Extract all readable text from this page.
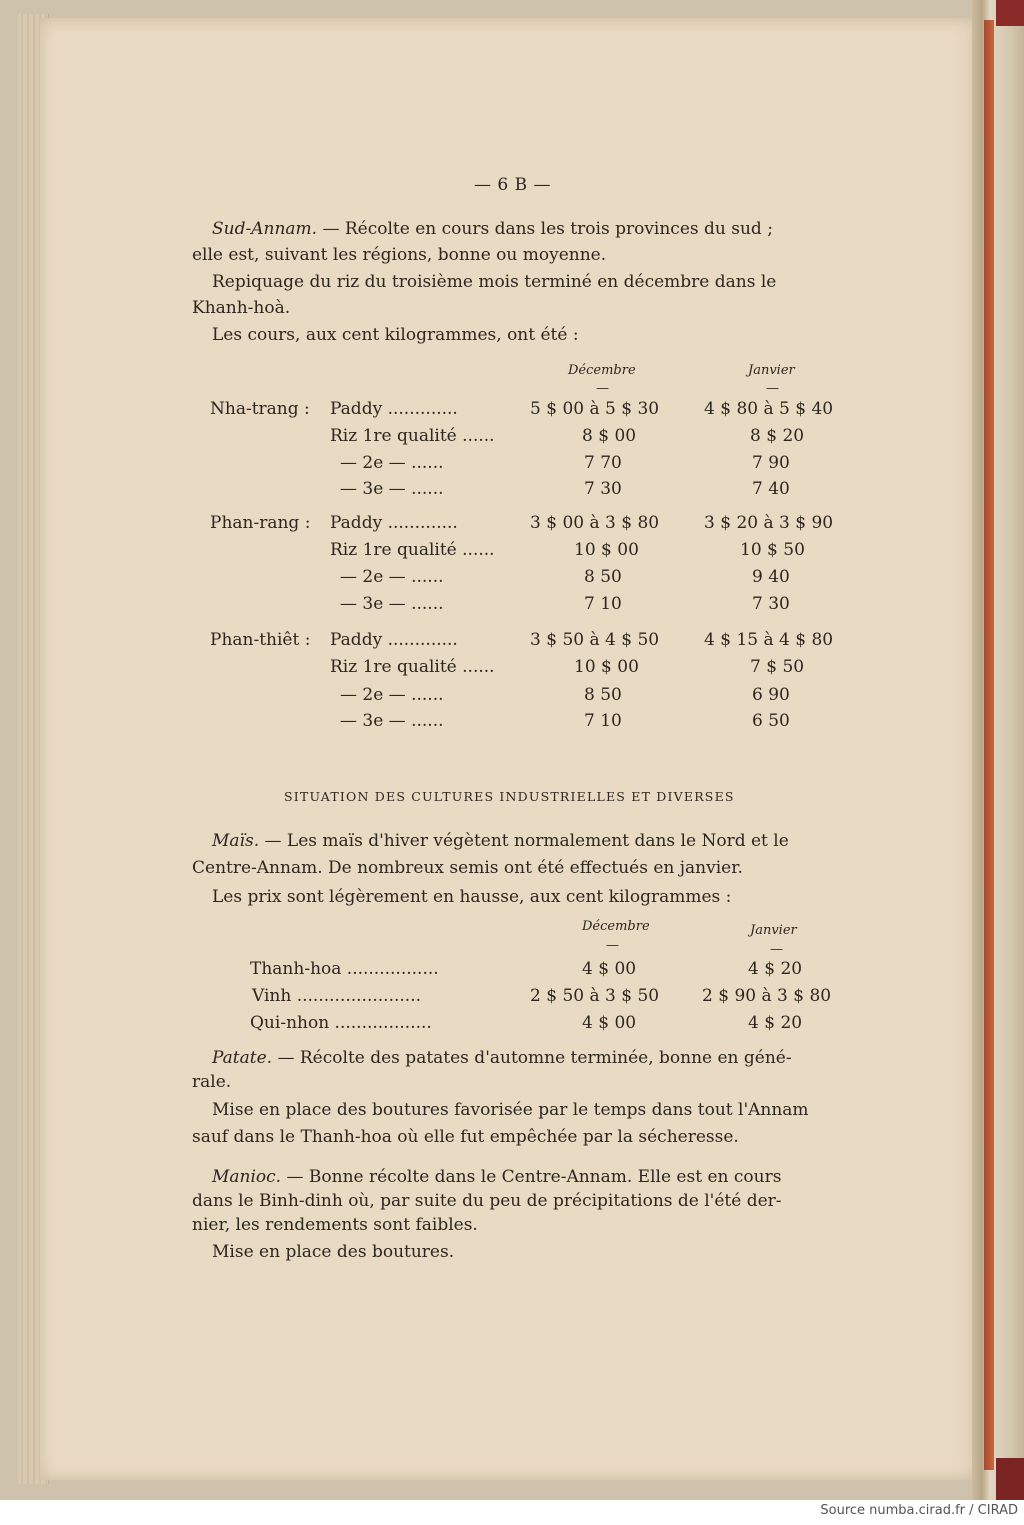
— 6 B —
Sud-Annam. — Récolte en cours dans les trois provinces du sud ;
elle est, suivant les régions, bonne ou moyenne.
Repiquage du riz du troisième mois terminé en décembre dans le
Khanh-hoà.
Les cours, aux cent kilogrammes, ont été :
Décembre	Janvier
—	—
Nha-trang : Paddy .............	5 $ 00 à 5 $ 30	4 $ 80 à 5 $ 40
Riz 1re qualité ......	8 $ 00	8 $ 20
— 2e — ......	7 70	7 90
— 3e — ......	7 30	7 40
Phan-rang : Paddy .............	3 $ 00 à 3 $ 80	3 $ 20 à 3 $ 90
Riz 1re qualité ......	10 $ 00	10 $ 50
— 2e — ......	8 50	9 40
— 3e — ......	7 10	7 30
Phan-thiêt : Paddy .............	3 $ 50 à 4 $ 50	4 $ 15 à 4 $ 80
Riz 1re qualité ......	10 $ 00	7 $ 50
— 2e — ......	8 50	6 90
— 3e — ......	7 10	6 50
SITUATION DES CULTURES INDUSTRIELLES ET DIVERSES
Maïs. — Les maïs d'hiver végètent normalement dans le Nord et le
Centre-Annam. De nombreux semis ont été effectués en janvier.
Les prix sont légèrement en hausse, aux cent kilogrammes :
Décembre	Janvier
—	—
Thanh-hoa .................	4 $ 00	4 $ 20
Vinh .......................	2 $ 50 à 3 $ 50	2 $ 90 à 3 $ 80
Qui-nhon ..................	4 $ 00	4 $ 20
Patate. — Récolte des patates d'automne terminée, bonne en géné-
rale.
Mise en place des boutures favorisée par le temps dans tout l'Annam
sauf dans le Thanh-hoa où elle fut empêchée par la sécheresse.
Manioc. — Bonne récolte dans le Centre-Annam. Elle est en cours
dans le Binh-dinh où, par suite du peu de précipitations de l'été der-
nier, les rendements sont faibles.
Mise en place des boutures.
Source numba.cirad.fr / CIRAD
